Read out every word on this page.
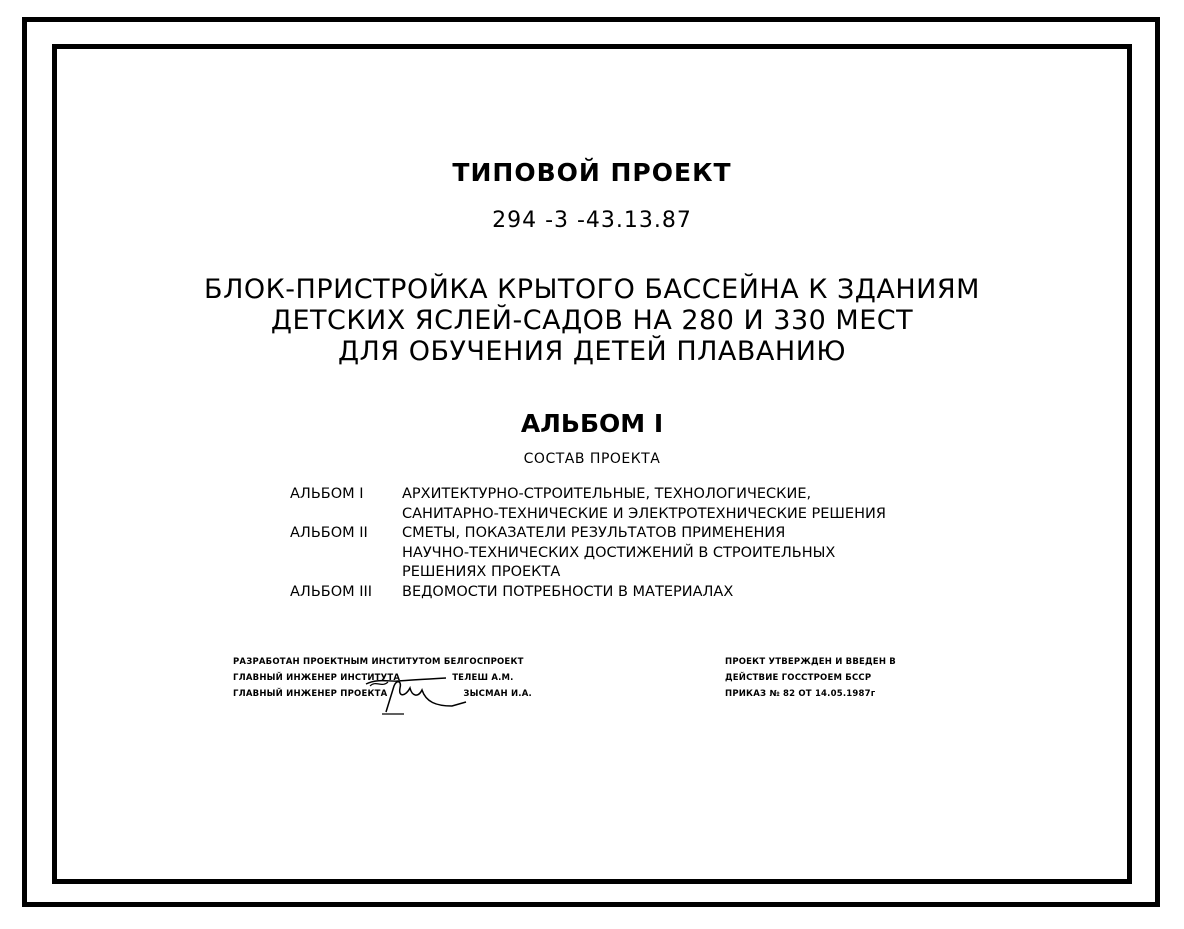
ТИПОВОЙ ПРОЕКТ
294 -3 -43.13.87
БЛОК-ПРИСТРОЙКА КРЫТОГО БАССЕЙНА К ЗДАНИЯМ
ДЕТСКИХ ЯСЛЕЙ-САДОВ НА 280 И 330 МЕСТ
ДЛЯ ОБУЧЕНИЯ ДЕТЕЙ ПЛАВАНИЮ
АЛЬБОМ I
СОСТАВ ПРОЕКТА
АЛЬБОМ I	АРХИТЕКТУРНО-СТРОИТЕЛЬНЫЕ, ТЕХНОЛОГИЧЕСКИЕ,
САНИТАРНО-ТЕХНИЧЕСКИЕ И ЭЛЕКТРОТЕХНИЧЕСКИЕ РЕШЕНИЯ
АЛЬБОМ II	СМЕТЫ, ПОКАЗАТЕЛИ РЕЗУЛЬТАТОВ ПРИМЕНЕНИЯ
НАУЧНО-ТЕХНИЧЕСКИХ ДОСТИЖЕНИЙ В СТРОИТЕЛЬНЫХ
РЕШЕНИЯХ ПРОЕКТА
АЛЬБОМ III	ВЕДОМОСТИ ПОТРЕБНОСТИ В МАТЕРИАЛАХ
РАЗРАБОТАН ПРОЕКТНЫМ ИНСТИТУТОМ БЕЛГОСПРОЕКТ
ГЛАВНЫЙ ИНЖЕНЕР ИНСТИТУТА	ТЕЛЕШ А.М.
ГЛАВНЫЙ ИНЖЕНЕР ПРОЕКТА	ЗЫСМАН И.А.
ПРОЕКТ УТВЕРЖДЕН И ВВЕДЕН В
ДЕЙСТВИЕ ГОССТРОЕМ БССР
ПРИКАЗ № 82 ОТ 14.05.1987г
